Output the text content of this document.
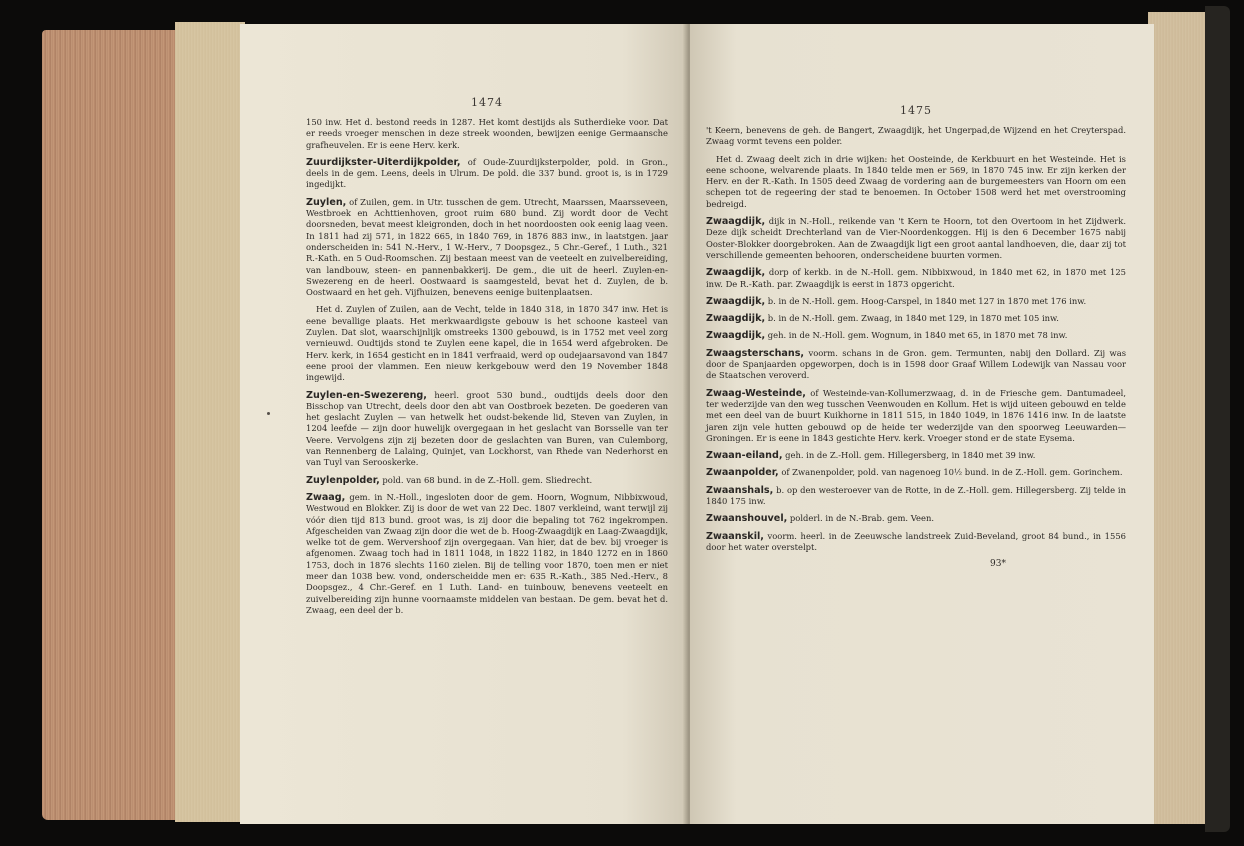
1474

150 inw. Het d. bestond reeds in 1287. Het komt destijds als Sutherdieke voor. Dat er reeds vroeger menschen in deze streek woonden, bewijzen eenige Germaansche grafheuvelen. Er is eene Herv. kerk.

Zuurdijkster-Uiterdijkpolder, of Oude-Zuurdijksterpolder, pold. in Gron., deels in de gem. Leens, deels in Ulrum. De pold. die 337 bund. groot is, is in 1729 ingedijkt.

Zuylen, of Zuilen, gem. in Utr. tusschen de gem. Utrecht, Maarssen, Maarsseveen, Westbroek en Achttienhoven, groot ruim 680 bund. Zij wordt door de Vecht doorsneden, bevat meest kleigronden, doch in het noordoosten ook eenig laag veen. In 1811 had zij 571, in 1822 665, in 1840 769, in 1876 883 inw., in laatstgen. jaar onderscheiden in: 541 N.-Herv., 1 W.-Herv., 7 Doopsgez., 5 Chr.-Geref., 1 Luth., 321 R.-Kath. en 5 Oud-Roomschen. Zij bestaan meest van de veeteelt en zuivelbereiding, van landbouw, steen- en pannenbakkerij. De gem., die uit de heerl. Zuylen-en-Swezereng en de heerl. Oostwaard is saamgesteld, bevat het d. Zuylen, de b. Oostwaard en het geh. Vijfhuizen, benevens eenige buitenplaatsen.

Het d. Zuylen of Zuilen, aan de Vecht, telde in 1840 318, in 1870 347 inw. Het is eene bevallige plaats. Het merkwaardigste gebouw is het schoone kasteel van Zuylen. Dat slot, waarschijnlijk omstreeks 1300 gebouwd, is in 1752 met veel zorg vernieuwd. Oudtijds stond te Zuylen eene kapel, die in 1654 werd afgebroken. De Herv. kerk, in 1654 gesticht en in 1841 verfraaid, werd op oudejaarsavond van 1847 eene prooi der vlammen. Een nieuw kerkgebouw werd den 19 November 1848 ingewijd.

Zuylen-en-Swezereng, heerl. groot 530 bund., oudtijds deels door den Bisschop van Utrecht, deels door den abt van Oostbroek bezeten. De goederen van het geslacht Zuylen — van hetwelk het oudst-bekende lid, Steven van Zuylen, in 1204 leefde — zijn door huwelijk overgegaan in het geslacht van Borsselle van ter Veere. Vervolgens zijn zij bezeten door de geslachten van Buren, van Culemborg, van Rennenberg de Lalaing, Quinjet, van Lockhorst, van Rhede van Nederhorst en van Tuyl van Serooskerke.

Zuylenpolder, pold. van 68 bund. in de Z.-Holl. gem. Sliedrecht.

Zwaag, gem. in N.-Holl., ingesloten door de gem. Hoorn, Wognum, Nibbixwoud, Westwoud en Blokker. Zij is door de wet van 22 Dec. 1807 verkleind, want terwijl zij vóór dien tijd 813 bund. groot was, is zij door die bepaling tot 762 ingekrompen. Afgescheiden van Zwaag zijn door die wet de b. Hoog-Zwaagdijk en Laag-Zwaagdijk, welke tot de gem. Wervershoof zijn overgegaan. Van hier, dat de bev. bij vroeger is afgenomen. Zwaag toch had in 1811 1048, in 1822 1182, in 1840 1272 en in 1860 1753, doch in 1876 slechts 1160 zielen. Bij de telling voor 1870, toen men er niet meer dan 1038 bew. vond, onderscheidde men er: 635 R.-Kath., 385 Ned.-Herv., 8 Doopsgez., 4 Chr.-Geref. en 1 Luth. Land- en tuinbouw, benevens veeteelt en zuivelbereiding zijn hunne voornaamste middelen van bestaan. De gem. bevat het d. Zwaag, een deel der b.

1475

't Keern, benevens de geh. de Bangert, Zwaagdijk, het Ungerpad,de Wijzend en het Creyterspad. Zwaag vormt tevens een polder.

Het d. Zwaag deelt zich in drie wijken: het Oosteinde, de Kerkbuurt en het Westeinde. Het is eene schoone, welvarende plaats. In 1840 telde men er 569, in 1870 745 inw. Er zijn kerken der Herv. en der R.-Kath. In 1505 deed Zwaag de vordering aan de burgemeesters van Hoorn om een schepen tot de regeering der stad te benoemen. In October 1508 werd het met overstrooming bedreigd.

Zwaagdijk, dijk in N.-Holl., reikende van 't Kern te Hoorn, tot den Overtoom in het Zijdwerk. Deze dijk scheidt Drechterland van de Vier-Noordenkoggen. Hij is den 6 December 1675 nabij Ooster-Blokker doorgebroken. Aan de Zwaagdijk ligt een groot aantal landhoeven, die, daar zij tot verschillende gemeenten behooren, onderscheidene buurten vormen.

Zwaagdijk, dorp of kerkb. in de N.-Holl. gem. Nibbixwoud, in 1840 met 62, in 1870 met 125 inw. De R.-Kath. par. Zwaagdijk is eerst in 1873 opgericht.

Zwaagdijk, b. in de N.-Holl. gem. Hoog-Carspel, in 1840 met 127 in 1870 met 176 inw.

Zwaagdijk, b. in de N.-Holl. gem. Zwaag, in 1840 met 129, in 1870 met 105 inw.

Zwaagdijk, geh. in de N.-Holl. gem. Wognum, in 1840 met 65, in 1870 met 78 inw.

Zwaagsterschans, voorm. schans in de Gron. gem. Termunten, nabij den Dollard. Zij was door de Spanjaarden opgeworpen, doch is in 1598 door Graaf Willem Lodewijk van Nassau voor de Staatschen veroverd.

Zwaag-Westeinde, of Westeinde-van-Kollumerzwaag, d. in de Friesche gem. Dantumadeel, ter wederzijde van den weg tusschen Veenwouden en Kollum. Het is wijd uiteen gebouwd en telde met een deel van de buurt Kuikhorne in 1811 515, in 1840 1049, in 1876 1416 inw. In de laatste jaren zijn vele hutten gebouwd op de heide ter wederzijde van den spoorweg Leeuwarden—Groningen. Er is eene in 1843 gestichte Herv. kerk. Vroeger stond er de state Eysema.

Zwaan-eiland, geh. in de Z.-Holl. gem. Hillegersberg, in 1840 met 39 inw.

Zwaanpolder, of Zwanenpolder, pold. van nagenoeg 10½ bund. in de Z.-Holl. gem. Gorinchem.

Zwaanshals, b. op den westeroever van de Rotte, in de Z.-Holl. gem. Hillegersberg. Zij telde in 1840 175 inw.

Zwaanshouvel, polderl. in de N.-Brab. gem. Veen.

Zwaanskil, voorm. heerl. in de Zeeuwsche landstreek Zuid-Beveland, groot 84 bund., in 1556 door het water overstelpt.

93*
